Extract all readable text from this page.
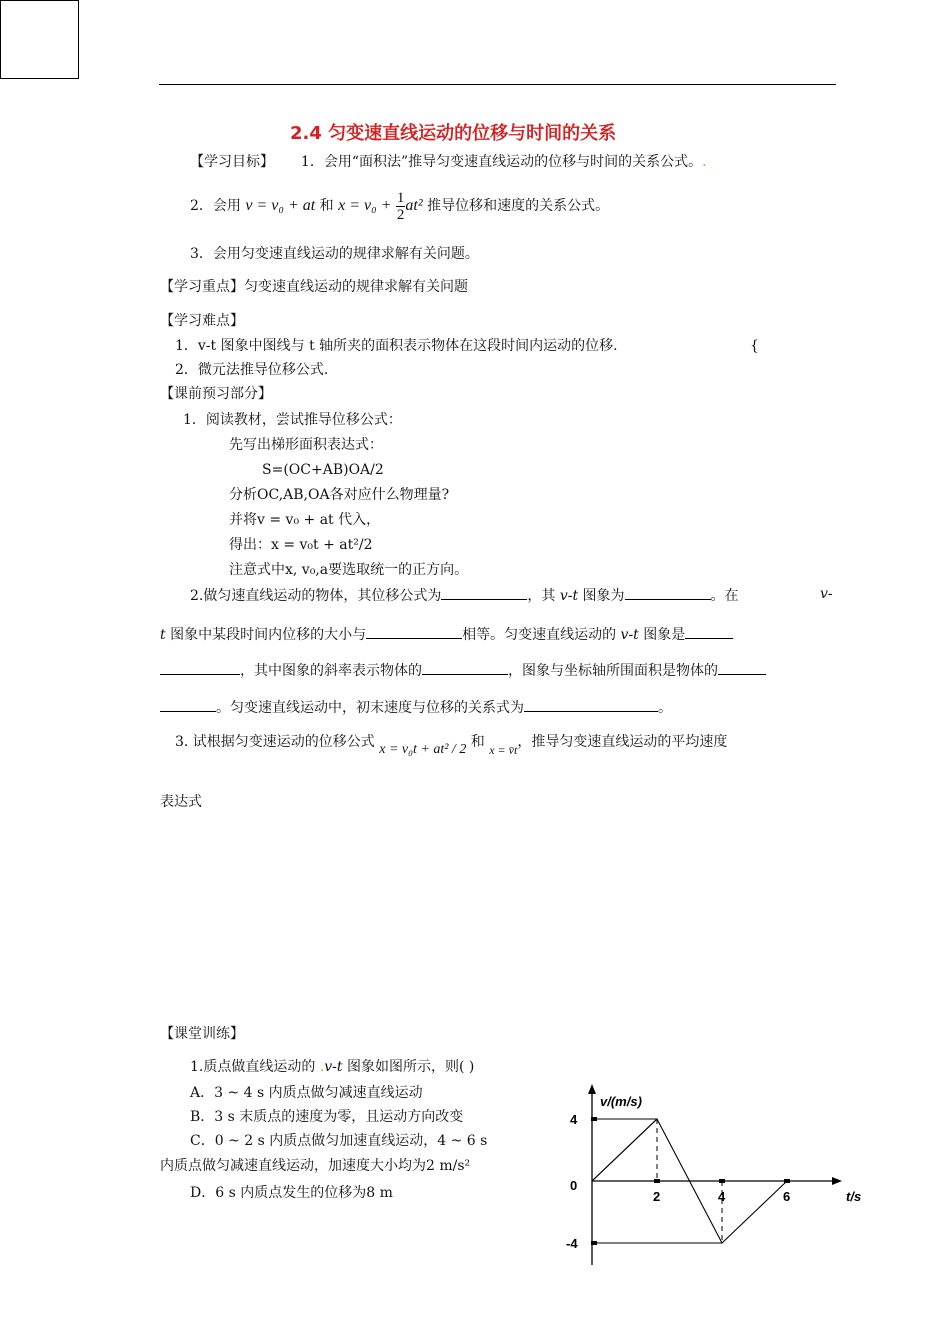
2.4 匀变速直线运动的位移与时间的关系
【学习目标】 1．会用“面积法”推导匀变速直线运动的位移与时间的关系公式。.
2．会用 v = v₀ + at 和 $x = v_0 + \frac{1}{2} at^2$ 推导位移和速度的关系公式。
3．会用匀变速直线运动的规律求解有关问题。
【学习重点】匀变速直线运动的规律求解有关问题
【学习难点】
1．v-t 图象中图线与 t 轴所夹的面积表示物体在这段时间内运动的位移.	{
2．微元法推导位移公式.
【课前预习部分】
1．阅读教材，尝试推导位移公式：
先写出梯形面积表达式：
S=(OC+AB)OA/2
分析OC,AB,OA各对应什么物理量?
并将v = v₀ + at 代入，
得出：x = v₀t + at²/2
注意式中x, v₀,a要选取统一的正方向。
2.做匀速直线运动的物体，其位移公式为	，其 v-t 图象为	。在	v-
t 图象中某段时间内位移的大小与	相等。匀变速直线运动的 v-t 图象是
，其中图象的斜率表示物体的	，图象与坐标轴所围面积是物体的
。匀变速直线运动中，初末速度与位移的关系式为	。
3. 试根据匀变速运动的位移公式 x = v₀t + at² / 2 和 x = v̄t，推导匀变速直线运动的平均速度
表达式
【课堂训练】
1.质点做直线运动的 .v-t 图象如图所示，则( )
A．3 ~ 4 s 内质点做匀减速直线运动
B．3 s 末质点的速度为零，且运动方向改变
C．0 ~ 2 s 内质点做匀加速直线运动，4 ~ 6 s
内质点做匀减速直线运动，加速度大小均为2 m/s²
D．6 s 内质点发生的位移为8 m
v/(m/s)
t/s
2	4	6
4
0
-4
